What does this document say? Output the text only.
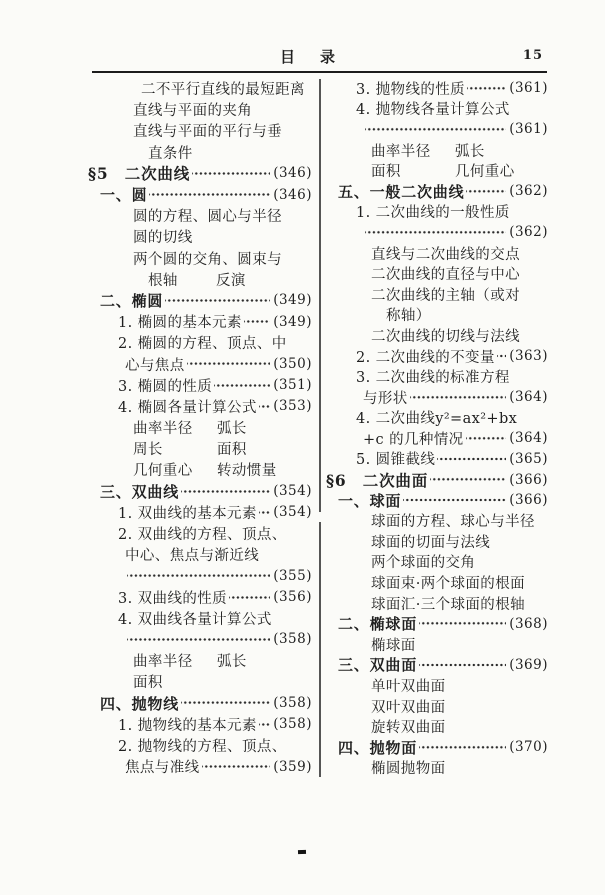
目　录	15
二不平行直线的最短距离
直线与平面的夹角
直线与平面的平行与垂
直条件
§5　二次曲线	(346)
一、圆	(346)
圆的方程、圆心与半径
圆的切线
两个圆的交角、圆束与
根轴	反演
二、椭圆	(349)
1. 椭圆的基本元素 (349)
2. 椭圆的方程、顶点、中
心与焦点	(350)
3. 椭圆的性质	(351)
4. 椭圆各量计算公式 (353)
曲率半径	弧长
周长	面积
几何重心	转动惯量
三、双曲线	(354)
1. 双曲线的基本元素 (354)
2. 双曲线的方程、顶点、
中心、焦点与渐近线
(355)
3. 双曲线的性质	(356)
4. 双曲线各量计算公式
(358)
曲率半径	弧长
面积
四、抛物线	(358)
1. 抛物线的基本元素 (358)
2. 抛物线的方程、顶点、
焦点与准线	(359)
3. 抛物线的性质	(361)
4. 抛物线各量计算公式
(361)
曲率半径	弧长
面积	几何重心
五、一般二次曲线	(362)
1. 二次曲线的一般性质
(362)
直线与二次曲线的交点
二次曲线的直径与中心
二次曲线的主轴（或对
称轴）
二次曲线的切线与法线
2. 二次曲线的不变量 (363)
3. 二次曲线的标准方程
与形状	(364)
4. 二次曲线y²=ax²+bx
+c 的几种情况	(364)
5. 圆锥截线	(365)
§6　二次曲面	(366)
一、球面	(366)
球面的方程、球心与半径
球面的切面与法线
两个球面的交角
球面束·两个球面的根面
球面汇·三个球面的根轴
二、椭球面	(368)
椭球面
三、双曲面	(369)
单叶双曲面
双叶双曲面
旋转双曲面
四、抛物面	(370)
椭圆抛物面
